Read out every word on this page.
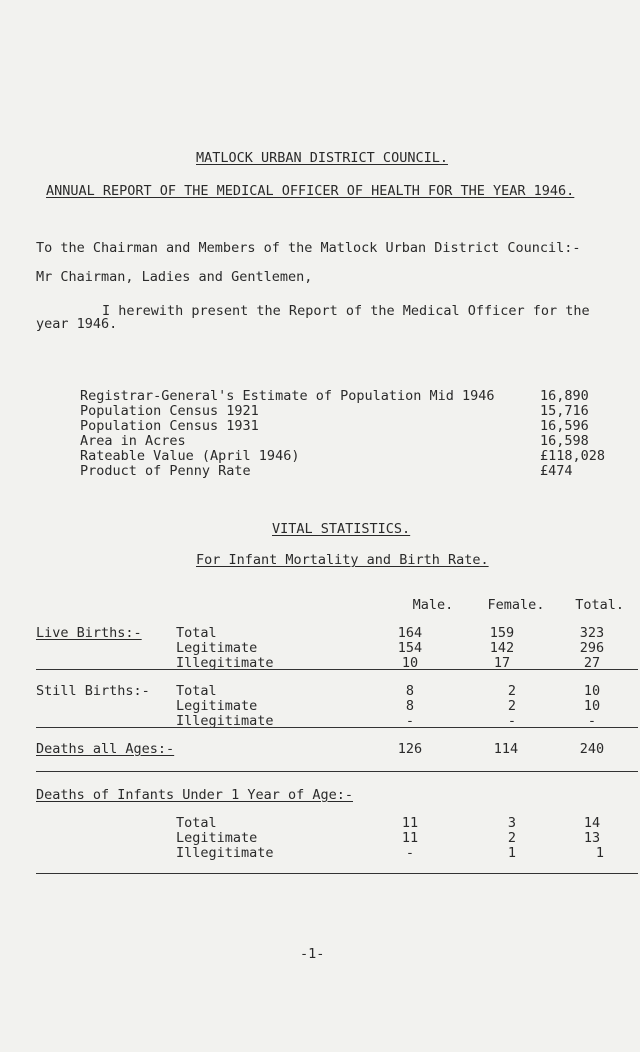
MATLOCK URBAN DISTRICT COUNCIL.
ANNUAL REPORT OF THE MEDICAL OFFICER OF HEALTH FOR THE YEAR 1946.
To the Chairman and Members of the Matlock Urban District Council:-
Mr Chairman, Ladies and Gentlemen,
I herewith present the Report of the Medical Officer for the
year 1946.
Registrar-General's Estimate of Population Mid 1946	16,890
Population Census 1921	15,716
Population Census 1931	16,596
Area in Acres	16,598
Rateable Value (April 1946)	£118,028
Product of Penny Rate	£474
VITAL STATISTICS.
For Infant Mortality and Birth Rate.
Male.	Female.	Total.
Live Births:-	Total	164	159	323
Legitimate	154	142	296
Illegitimate	10	17	27
Still Births:- Total	8	2	10
Legitimate	8	2	10
Illegitimate	-	-	-
Deaths all Ages:-	126	114	240
Deaths of Infants Under 1 Year of Age:-
Total	11	3	14
Legitimate	11	2	13
Illegitimate	-	1	1
-1-
